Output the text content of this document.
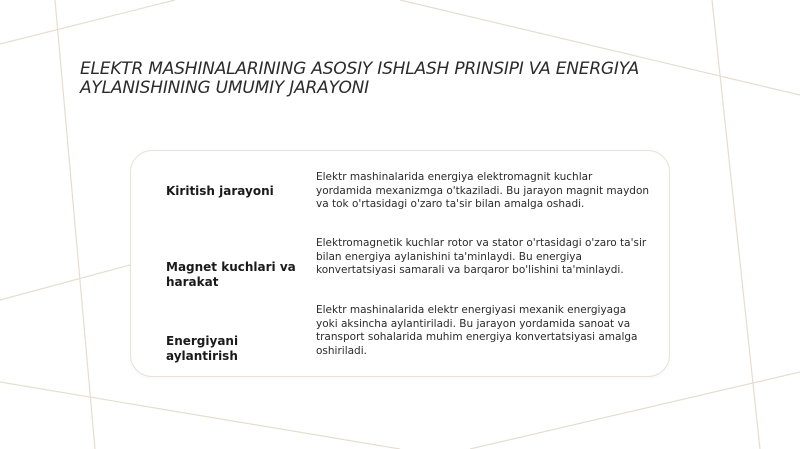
ELEKTR MASHINALARINING ASOSIY ISHLASH PRINSIPI VA ENERGIYA AYLANISHINING UMUMIY JARAYONI

Kiritish jarayoni

Elektr mashinalarida energiya elektromagnit kuchlar yordamida mexanizmga o'tkaziladi. Bu jarayon magnit maydon va tok o'rtasidagi o'zaro ta'sir bilan amalga oshadi.

Magnet kuchlari va harakat

Elektromagnetik kuchlar rotor va stator o'rtasidagi o'zaro ta'sir bilan energiya aylanishini ta'minlaydi. Bu energiya konvertatsiyasi samarali va barqaror bo'lishini ta'minlaydi.

Energiyani aylantirish

Elektr mashinalarida elektr energiyasi mexanik energiyaga yoki aksincha aylantiriladi. Bu jarayon yordamida sanoat va transport sohalarida muhim energiya konvertatsiyasi amalga oshiriladi.
